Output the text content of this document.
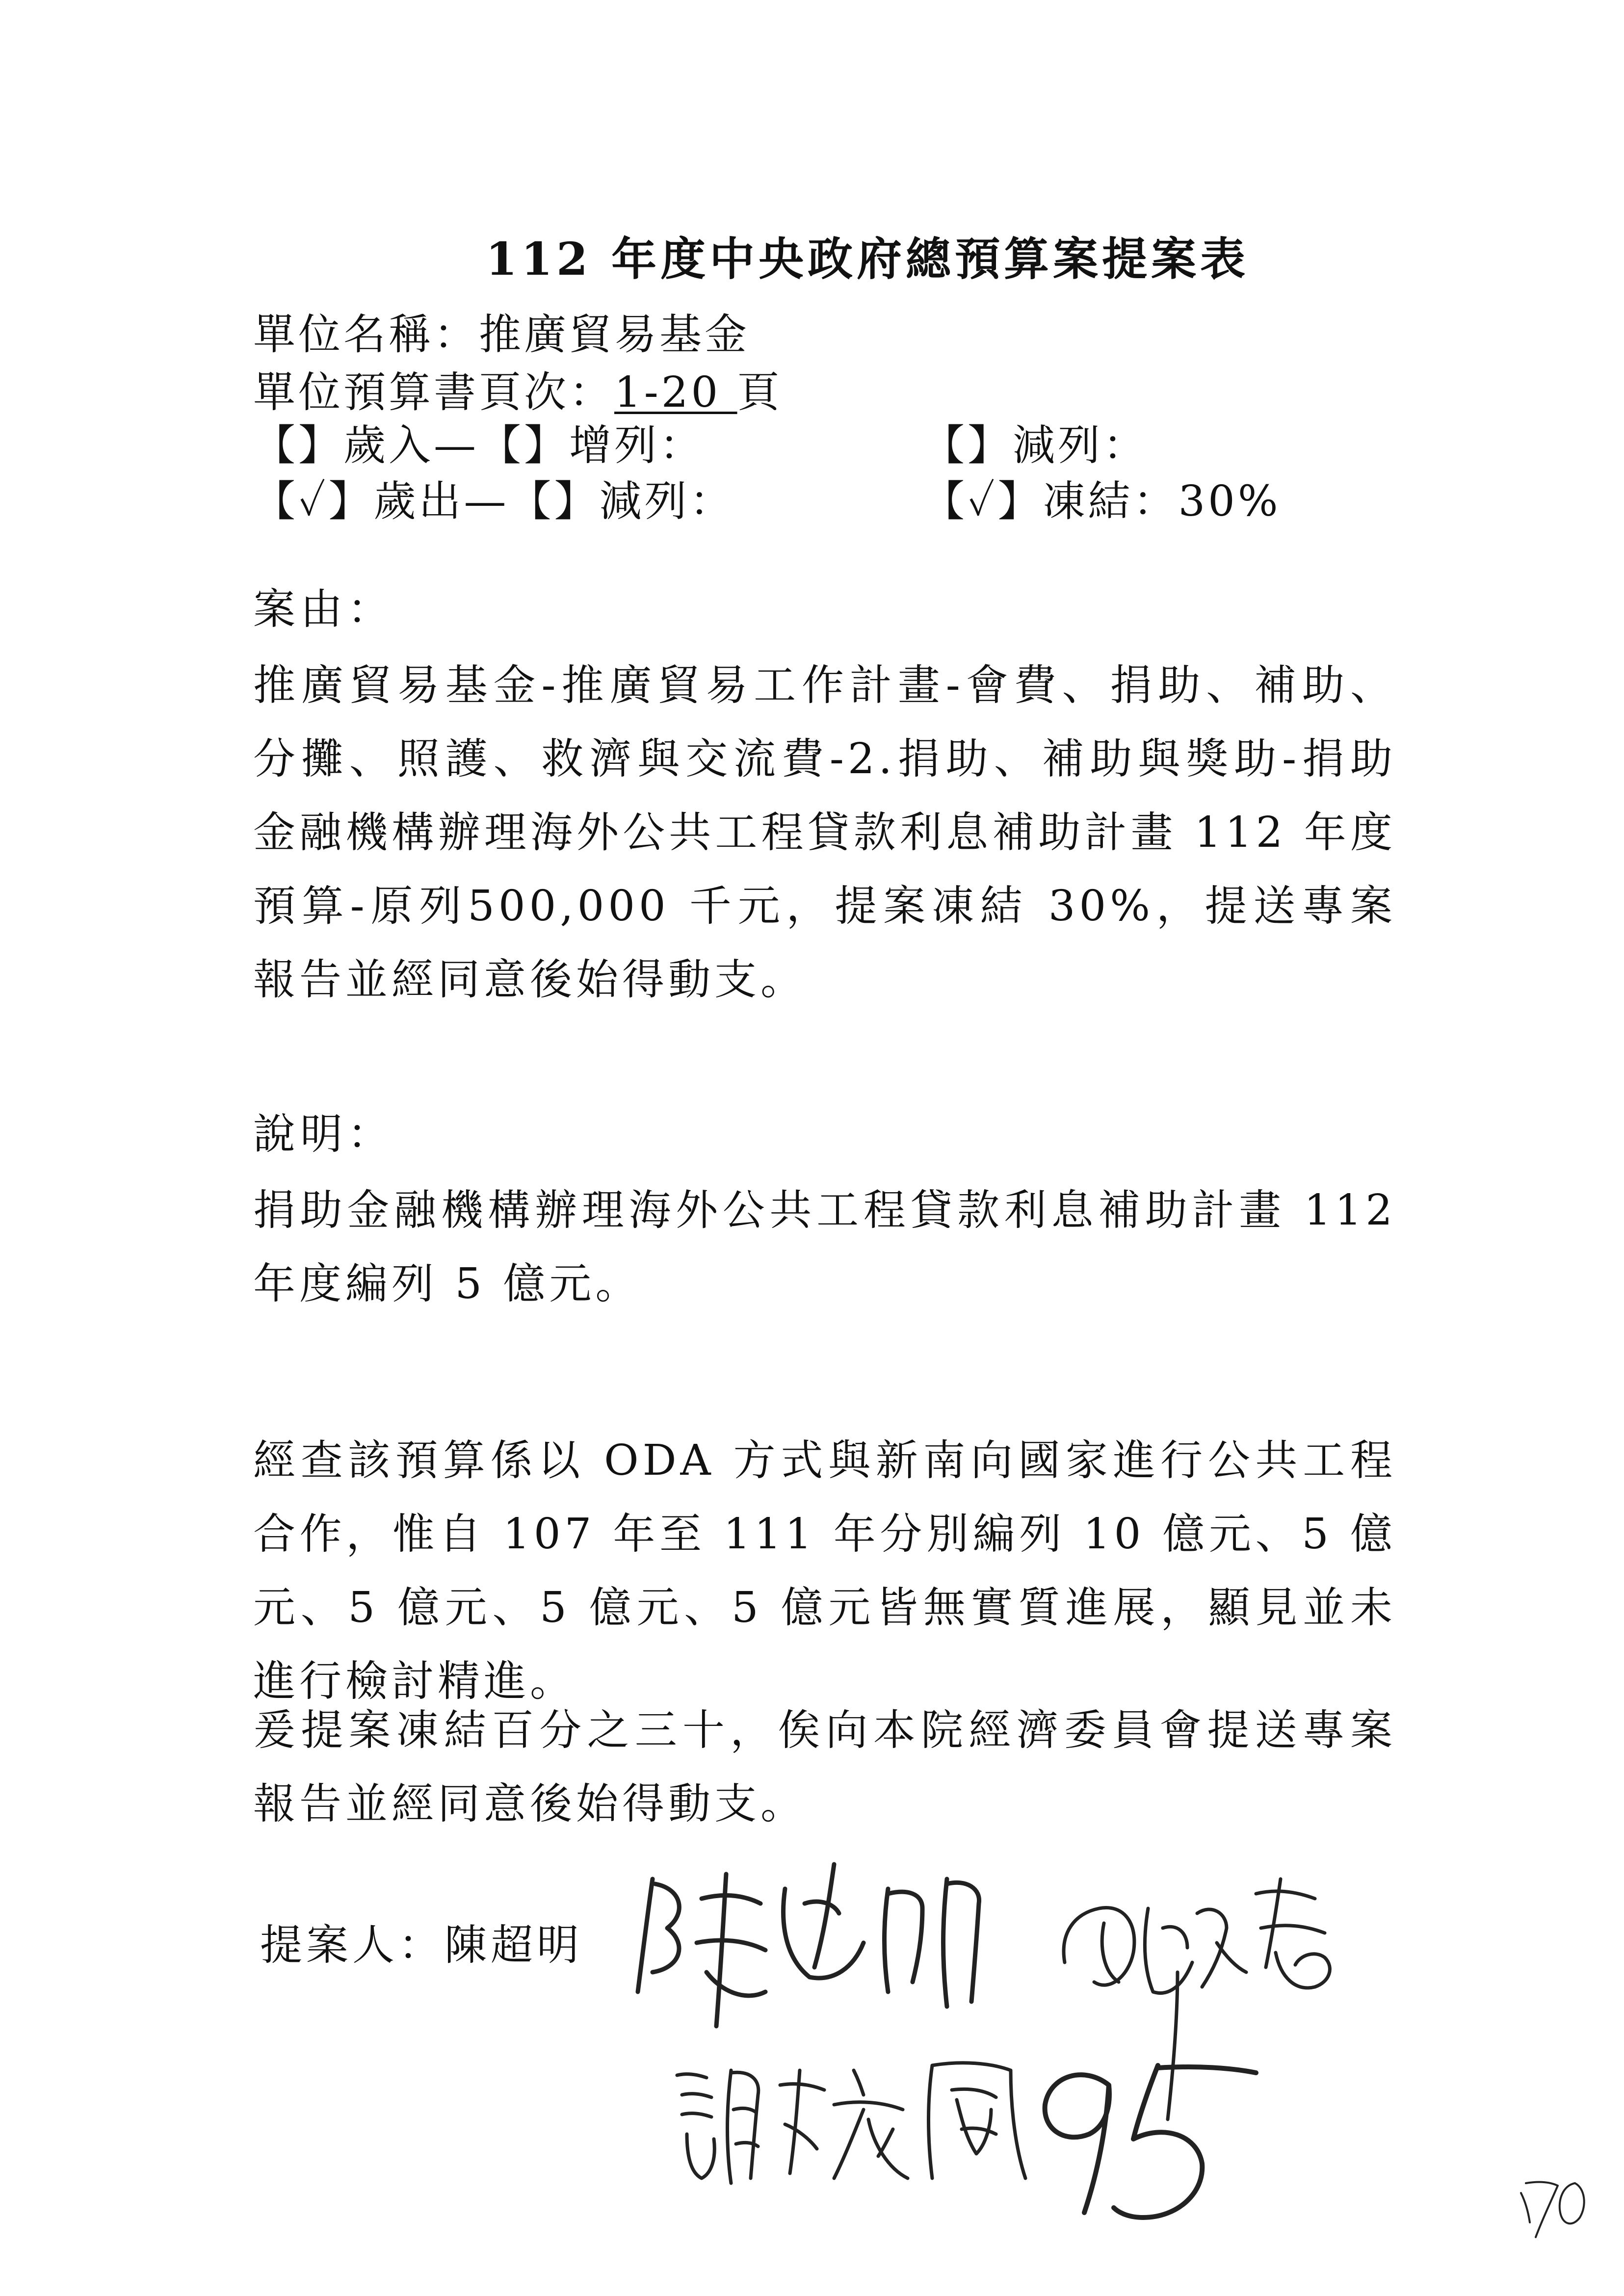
112 年度中央政府總預算案提案表
單位名稱：推廣貿易基金
單位預算書頁次：1-20 頁
【】歲入—【】增列：	【】減列：
【✓】歲出—【】減列：	【✓】凍結：30%
案由：
推廣貿易基金-推廣貿易工作計畫-會費、捐助、補助、分攤、照護、救濟與交流費-2.捐助、補助與獎助-捐助金融機構辦理海外公共工程貸款利息補助計畫 112 年度預算-原列500,000 千元，提案凍結 30%，提送專案報告並經同意後始得動支。
說明：
捐助金融機構辦理海外公共工程貸款利息補助計畫 112 年度編列 5 億元。
經查該預算係以 ODA 方式與新南向國家進行公共工程合作，惟自 107 年至 111 年分別編列 10 億元、5 億元、5 億元、5 億元、5 億元皆無實質進展，顯見並未進行檢討精進。
爰提案凍結百分之三十，俟向本院經濟委員會提送專案報告並經同意後始得動支。
提案人：陳超明
